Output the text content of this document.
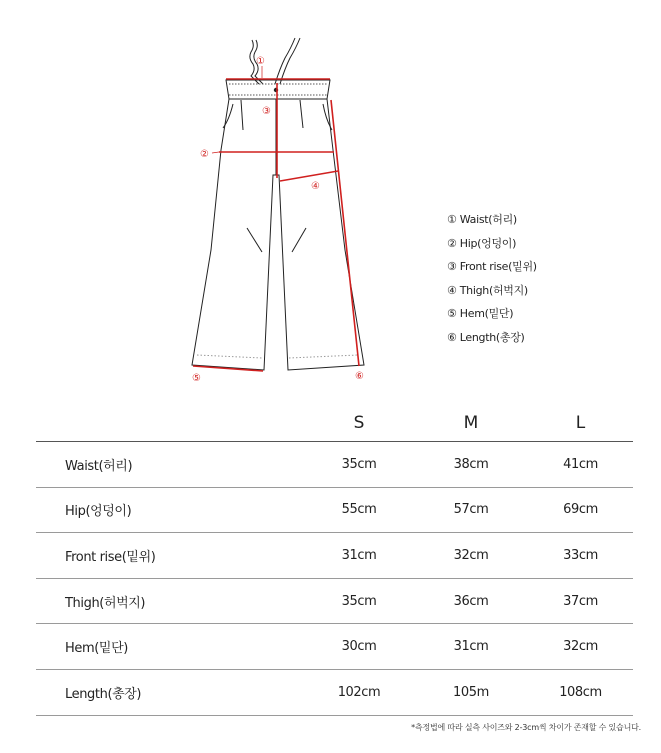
①
②
③
④
⑤	⑥
① Waist(허리)
② Hip(엉덩이)
③ Front rise(밑위)
④ Thigh(허벅지)
⑤ Hem(밑단)
⑥ Length(총장)
	S	M	L
Waist(허리)	35cm	38cm	41cm
Hip(엉덩이)	55cm	57cm	69cm
Front rise(밑위)	31cm	32cm	33cm
Thigh(허벅지)	35cm	36cm	37cm
Hem(밑단)	30cm	31cm	32cm
Length(총장)	102cm	105m	108cm
*측정법에 따라 실측 사이즈와 2-3cm씩 차이가 존재할 수 있습니다.
